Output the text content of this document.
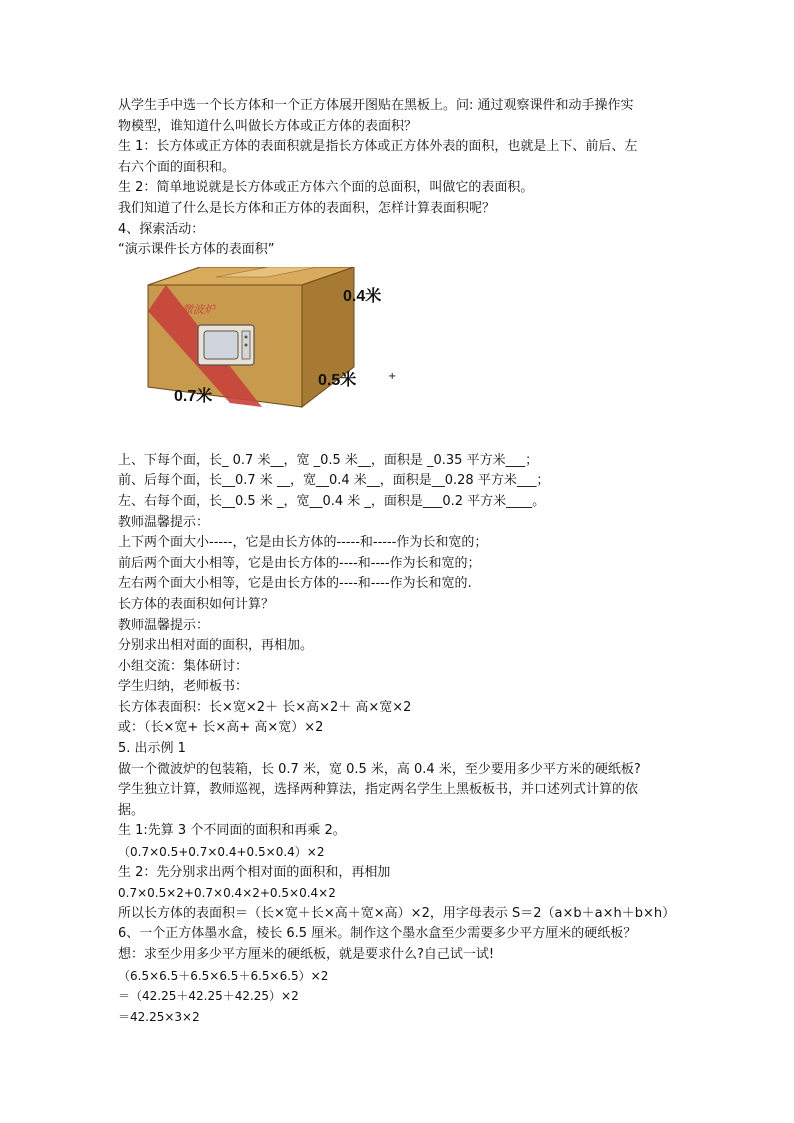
从学生手中选一个长方体和一个正方体展开图贴在黑板上。问: 通过观察课件和动手操作实
物模型，谁知道什么叫做长方体或正方体的表面积？
生 1：长方体或正方体的表面积就是指长方体或正方体外表的面积，也就是上下、前后、左
右六个面的面积和。
生 2：简单地说就是长方体或正方体六个面的总面积，叫做它的表面积。
我们知道了什么是长方体和正方体的表面积，怎样计算表面积呢？
4、探索活动：
“演示课件长方体的表面积”
微波炉
0.4米
0.5米
0.7米
+
上、下每个面，长_ 0.7 米__，宽 _0.5 米__，面积是 _0.35 平方米___；
前、后每个面，长__0.7 米 __，宽__0.4 米__，面积是__0.28 平方米___；
左、右每个面，长__0.5 米 _，宽__0.4 米 _，面积是___0.2 平方米____。
教师温馨提示：
上下两个面大小-----，它是由长方体的-----和-----作为长和宽的；
前后两个面大小相等，它是由长方体的----和----作为长和宽的；
左右两个面大小相等，它是由长方体的----和----作为长和宽的.
长方体的表面积如何计算？
教师温馨提示：
分别求出相对面的面积，再相加。
小组交流：集体研讨：
学生归纳，老师板书：
长方体表面积：长×宽×2＋ 长×高×2＋ 高×宽×2
或：（长×宽+ 长×高+ 高×宽）×2
5. 出示例 1
做一个微波炉的包装箱，长 0.7 米，宽 0.5 米，高 0.4 米，至少要用多少平方米的硬纸板?
学生独立计算，教师巡视，选择两种算法，指定两名学生上黑板板书，并口述列式计算的依
据。
生 1:先算 3 个不同面的面积和再乘 2。
（0.7×0.5+0.7×0.4+0.5×0.4）×2
生 2：先分别求出两个相对面的面积和，再相加
0.7×0.5×2+0.7×0.4×2+0.5×0.4×2
所以长方体的表面积＝（长×宽＋长×高＋宽×高）×2，用字母表示 S＝2（a×b＋a×h＋b×h）
6、一个正方体墨水盒，棱长 6.5 厘米。制作这个墨水盒至少需要多少平方厘米的硬纸板？
想：求至少用多少平方厘米的硬纸板，就是要求什么?自己试一试!
（6.5×6.5＋6.5×6.5＋6.5×6.5）×2
＝（42.25＋42.25＋42.25）×2
＝42.25×3×2
